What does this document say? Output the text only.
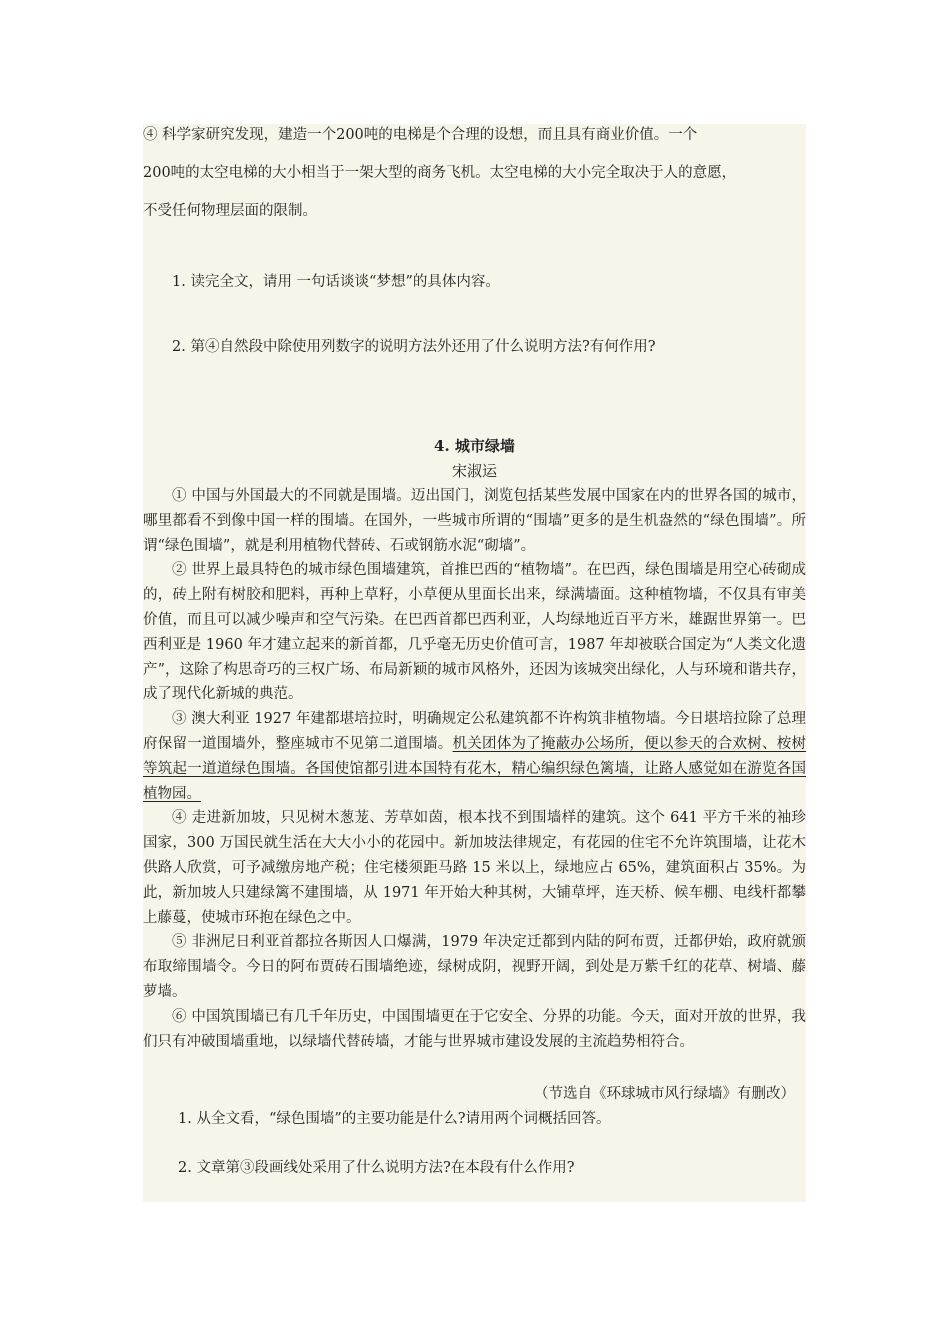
④ 科学家研究发现，建造一个200吨的电梯是个合理的设想，而且具有商业价值。一个

200吨的太空电梯的大小相当于一架大型的商务飞机。太空电梯的大小完全取决于人的意愿，

不受任何物理层面的限制。

1. 读完全文，请用 一句话谈谈“梦想”的具体内容。

2. 第④自然段中除使用列数字的说明方法外还用了什么说明方法?有何作用?

4. 城市绿墙
宋淑运

① 中国与外国最大的不同就是围墙。迈出国门，浏览包括某些发展中国家在内的世界各国的城市，哪里都看不到像中国一样的围墙。在国外，一些城市所谓的“围墙”更多的是生机盎然的“绿色围墙”。所谓“绿色围墙”，就是利用植物代替砖、石或钢筋水泥“砌墙”。

② 世界上最具特色的城市绿色围墙建筑，首推巴西的“植物墙”。在巴西，绿色围墙是用空心砖砌成的，砖上附有树胶和肥料，再种上草籽，小草便从里面长出来，绿满墙面。这种植物墙，不仅具有审美价值，而且可以减少噪声和空气污染。在巴西首都巴西利亚，人均绿地近百平方米，雄踞世界第一。巴西利亚是 1960 年才建立起来的新首都，几乎毫无历史价值可言，1987 年却被联合国定为“人类文化遗产”，这除了构思奇巧的三权广场、布局新颖的城市风格外，还因为该城突出绿化，人与环境和谐共存，成了现代化新城的典范。

③ 澳大利亚 1927 年建都堪培拉时，明确规定公私建筑都不许构筑非植物墙。今日堪培拉除了总理府保留一道围墙外，整座城市不见第二道围墙。机关团体为了掩蔽办公场所，便以参天的合欢树、桉树等筑起一道道绿色围墙。各国使馆都引进本国特有花木，精心编织绿色篱墙，让路人感觉如在游览各国植物园。

④ 走进新加坡，只见树木葱茏、芳草如茵，根本找不到围墙样的建筑。这个 641 平方千米的袖珍国家，300 万国民就生活在大大小小的花园中。新加坡法律规定，有花园的住宅不允许筑围墙，让花木供路人欣赏，可予减缴房地产税；住宅楼须距马路 15 米以上，绿地应占 65%，建筑面积占 35%。为此，新加坡人只建绿篱不建围墙，从 1971 年开始大种其树，大铺草坪，连天桥、候车棚、电线杆都攀上藤蔓，使城市环抱在绿色之中。

⑤ 非洲尼日利亚首都拉各斯因人口爆满，1979 年决定迁都到内陆的阿布贾，迁都伊始，政府就颁布取缔围墙令。今日的阿布贾砖石围墙绝迹，绿树成阴，视野开阔，到处是万紫千红的花草、树墙、藤萝墙。

⑥ 中国筑围墙已有几千年历史，中国围墙更在于它安全、分界的功能。今天，面对开放的世界，我们只有冲破围墙重地，以绿墙代替砖墙，才能与世界城市建设发展的主流趋势相符合。

（节选自《环球城市风行绿墙》有删改）

1. 从全文看，“绿色围墙”的主要功能是什么?请用两个词概括回答。

2. 文章第③段画线处采用了什么说明方法?在本段有什么作用?
